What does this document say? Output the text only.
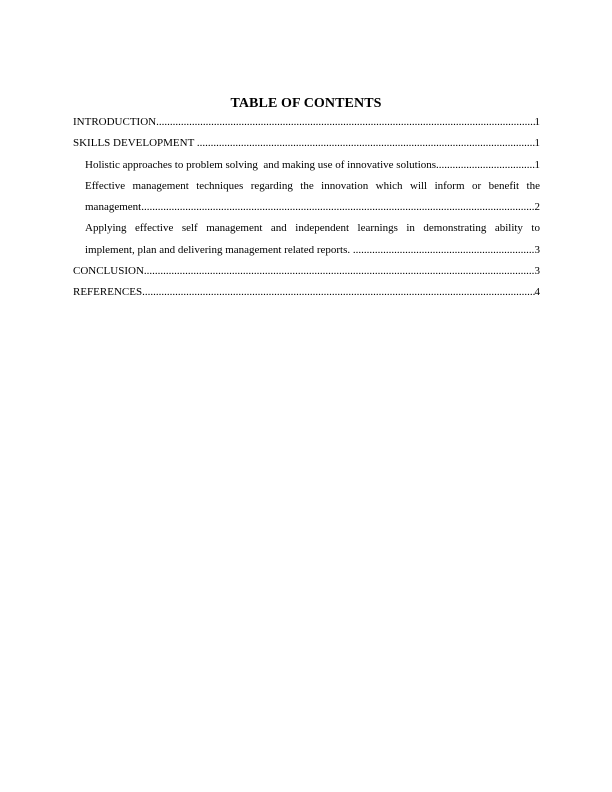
TABLE OF CONTENTS
INTRODUCTION .....	1
SKILLS DEVELOPMENT .....	1
Holistic approaches to problem solving  and making use of innovative solutions .....	1
Effective management techniques regarding the innovation which will inform or benefit the
management .....	2
Applying effective self management and independent learnings in demonstrating ability to
implement, plan and delivering management related reports. .....	3
CONCLUSION .....	3
REFERENCES .....	4
